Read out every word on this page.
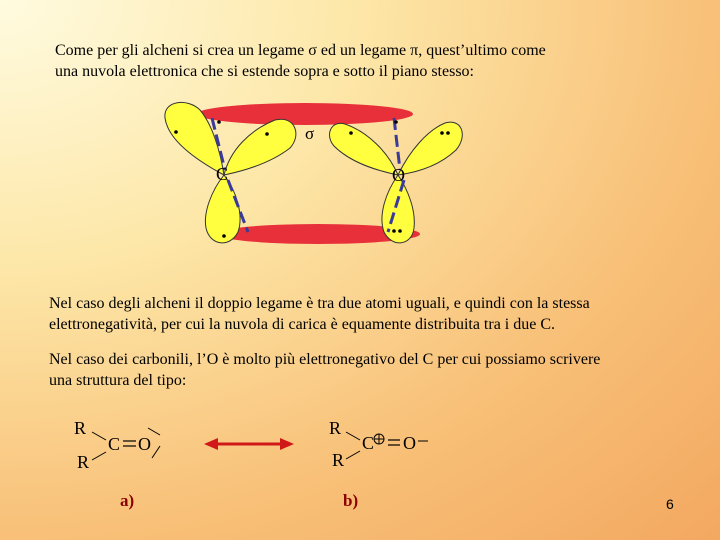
Come per gli alcheni si crea un legame σ ed un legame π, quest’ultimo come
una nuvola elettronica che si estende sopra e sotto il piano stesso:
σ
C	O
Nel caso degli alcheni il doppio legame è tra due atomi uguali, e quindi con la stessa
elettronegatività, per cui la nuvola di carica è equamente distribuita tra i due C.
Nel caso dei carbonili, l’O è molto più elettronegativo del C per cui possiamo scrivere
una struttura del tipo:
R
R
C O
a)
R
R
C O
b)	6
